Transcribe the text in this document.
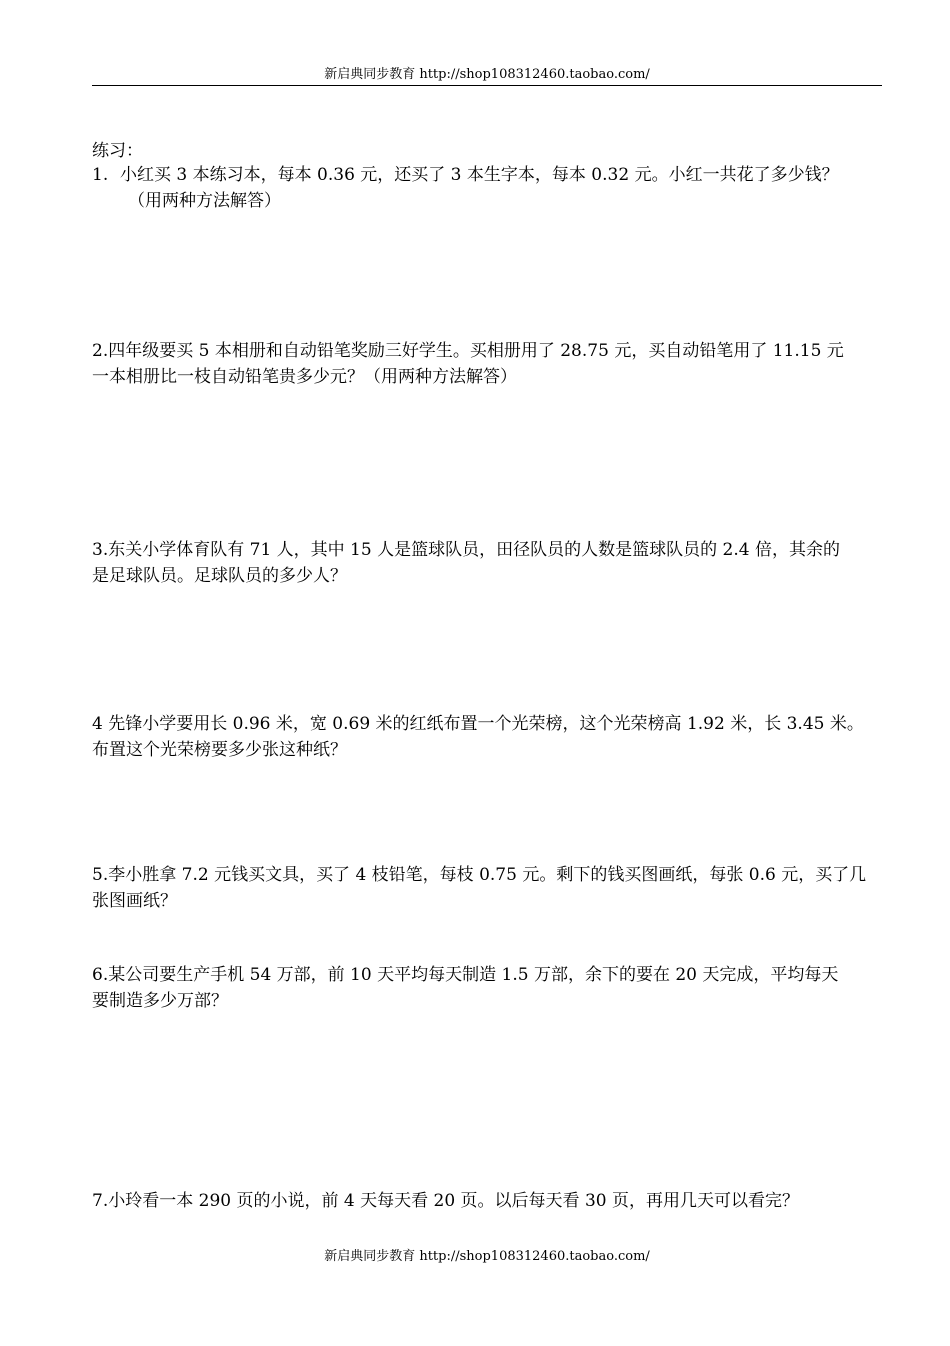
新启典同步教育 http://shop108312460.taobao.com/
练习：
1. 小红买 3 本练习本，每本 0.36 元，还买了 3 本生字本，每本 0.32 元。小红一共花了多少钱？
（用两种方法解答）
2.四年级要买 5 本相册和自动铅笔奖励三好学生。买相册用了 28.75 元，买自动铅笔用了 11.15 元
一本相册比一枝自动铅笔贵多少元？（用两种方法解答）
3.东关小学体育队有 71 人，其中 15 人是篮球队员，田径队员的人数是篮球队员的 2.4 倍，其余的
是足球队员。足球队员的多少人？
4 先锋小学要用长 0.96 米，宽 0.69 米的红纸布置一个光荣榜，这个光荣榜高 1.92 米，长 3.45 米。
布置这个光荣榜要多少张这种纸？
5.李小胜拿 7.2 元钱买文具，买了 4 枝铅笔，每枝 0.75 元。剩下的钱买图画纸，每张 0.6 元，买了几
张图画纸？
6.某公司要生产手机 54 万部，前 10 天平均每天制造 1.5 万部，余下的要在 20 天完成，平均每天
要制造多少万部？
7.小玲看一本 290 页的小说，前 4 天每天看 20 页。以后每天看 30 页，再用几天可以看完？
新启典同步教育 http://shop108312460.taobao.com/
